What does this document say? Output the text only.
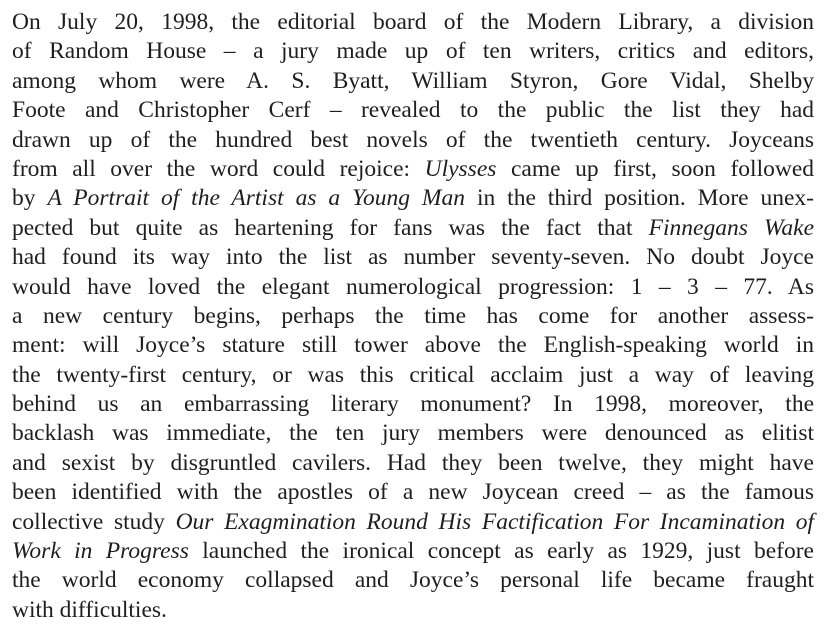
On July 20, 1998, the editorial board of the Modern Library, a division
of Random House – a jury made up of ten writers, critics and editors,
among whom were A. S. Byatt, William Styron, Gore Vidal, Shelby
Foote and Christopher Cerf – revealed to the public the list they had
drawn up of the hundred best novels of the twentieth century. Joyceans
from all over the word could rejoice: Ulysses came up first, soon followed
by A Portrait of the Artist as a Young Man in the third position. More unex-
pected but quite as heartening for fans was the fact that Finnegans Wake
had found its way into the list as number seventy-seven. No doubt Joyce
would have loved the elegant numerological progression: 1 – 3 – 77. As
a new century begins, perhaps the time has come for another assess-
ment: will Joyce’s stature still tower above the English-speaking world in
the twenty-first century, or was this critical acclaim just a way of leaving
behind us an embarrassing literary monument? In 1998, moreover, the
backlash was immediate, the ten jury members were denounced as elitist
and sexist by disgruntled cavilers. Had they been twelve, they might have
been identified with the apostles of a new Joycean creed – as the famous
collective study Our Exagmination Round His Factification For Incamination of
Work in Progress launched the ironical concept as early as 1929, just before
the world economy collapsed and Joyce’s personal life became fraught
with difficulties.
